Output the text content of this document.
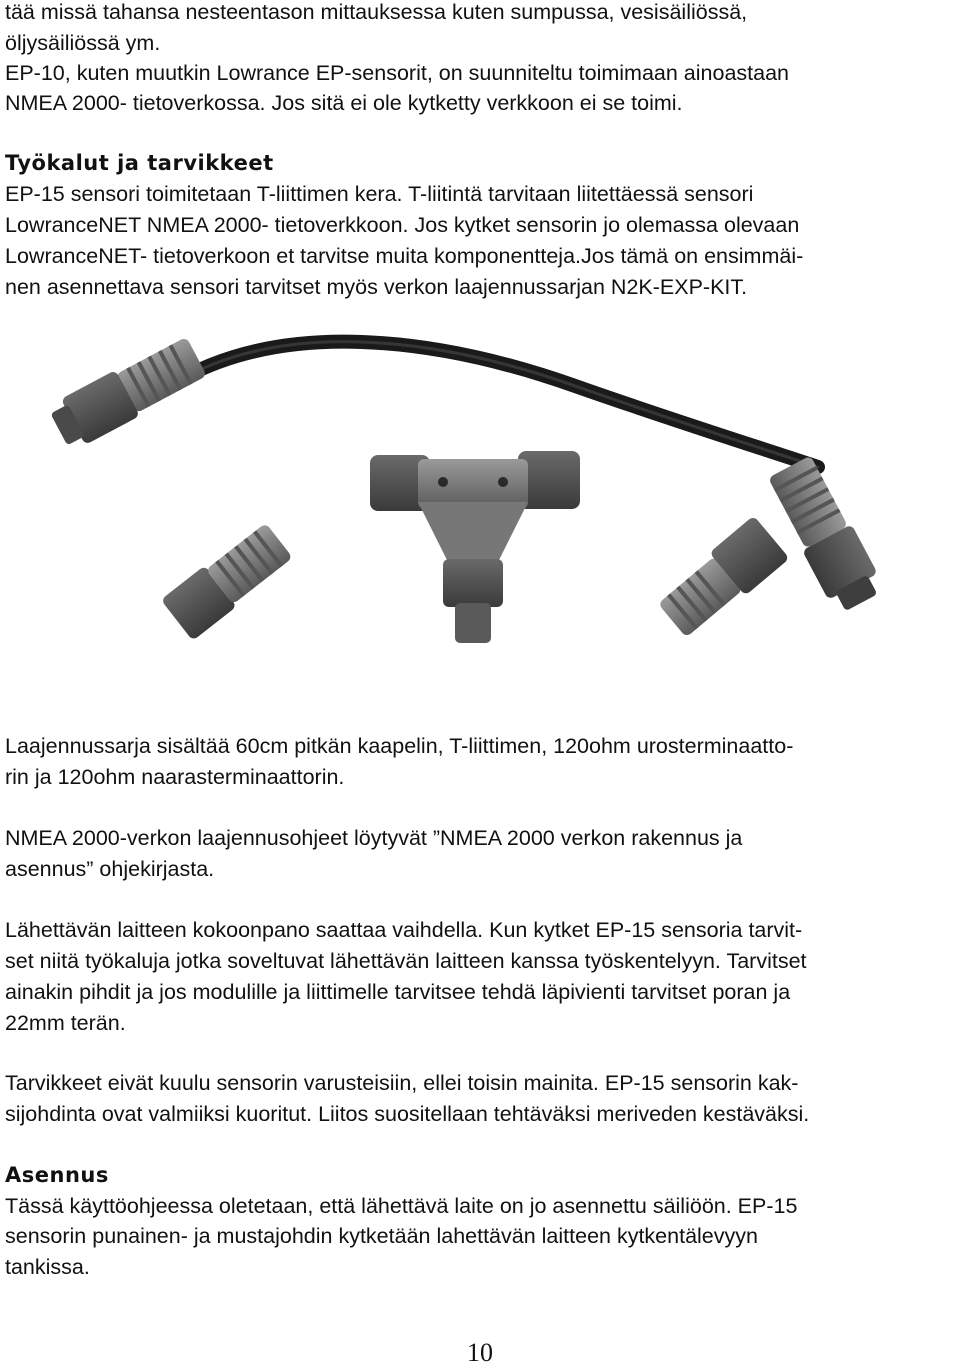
tää missä tahansa nesteentason mittauksessa kuten sumpussa, vesisäiliössä,
öljysäiliössä ym.
EP-10, kuten muutkin Lowrance EP-sensorit, on suunniteltu toimimaan ainoastaan
NMEA 2000- tietoverkossa. Jos sitä ei ole kytketty verkkoon ei se toimi.
Työkalut ja tarvikkeet
EP-15 sensori toimitetaan T-liittimen kera. T-liitintä tarvitaan liitettäessä sensori
LowranceNET NMEA 2000- tietoverkkoon. Jos kytket sensorin jo olemassa olevaan
LowranceNET- tietoverkoon et tarvitse muita komponentteja.Jos tämä on ensimmäi-
nen asennettava sensori tarvitset myös verkon laajennussarjan N2K-EXP-KIT.
Laajennussarja sisältää 60cm pitkän kaapelin, T-liittimen, 120ohm urosterminaatto-
rin ja 120ohm naarasterminaattorin.
NMEA 2000-verkon laajennusohjeet löytyvät ”NMEA 2000 verkon rakennus ja
asennus” ohjekirjasta.
Lähettävän laitteen kokoonpano saattaa vaihdella. Kun kytket EP-15 sensoria tarvit-
set niitä työkaluja jotka soveltuvat lähettävän laitteen kanssa työskentelyyn. Tarvitset
ainakin pihdit ja jos modulille ja liittimelle tarvitsee tehdä läpivienti tarvitset poran ja
22mm terän.
Tarvikkeet eivät kuulu sensorin varusteisiin, ellei toisin mainita. EP-15 sensorin kak-
sijohdinta ovat valmiiksi kuoritut. Liitos suositellaan tehtäväksi meriveden kestäväksi.
Asennus
Tässä käyttöohjeessa oletetaan, että lähettävä laite on jo asennettu säiliöön. EP-15
sensorin punainen- ja mustajohdin kytketään lahettävän laitteen kytkentälevyyn
tankissa.
10
